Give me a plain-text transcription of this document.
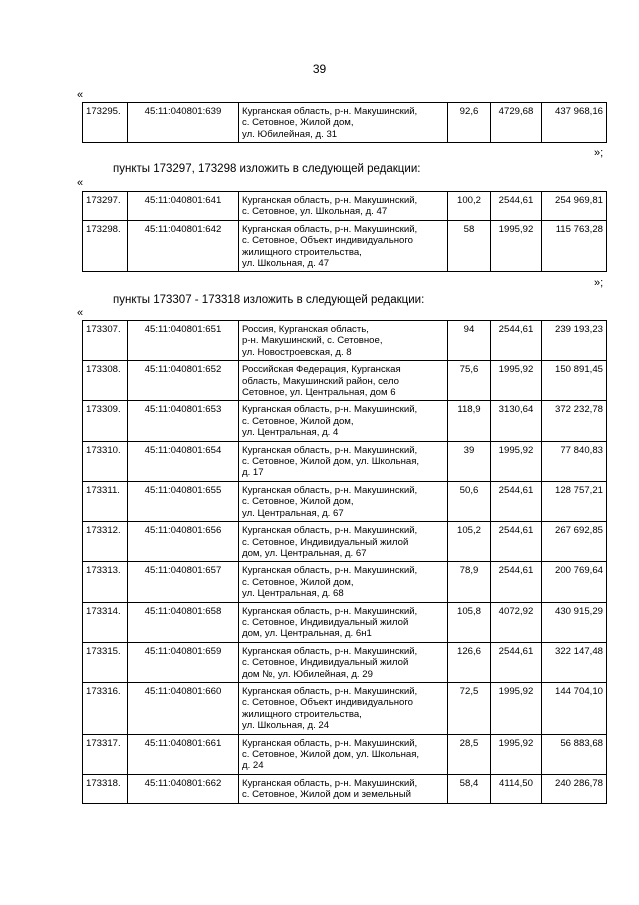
39
«
173295.	45:11:040801:639	Курганская область, р-н. Макушинский,
с. Сетовное, Жилой дом,
ул. Юбилейная, д. 31	92,6	4729,68	437 968,16
»;
пункты 173297, 173298 изложить в следующей редакции:
«
173297.	45:11:040801:641	Курганская область, р-н. Макушинский,
с. Сетовное, ул. Школьная, д. 47	100,2	2544,61	254 969,81
173298.	45:11:040801:642	Курганская область, р-н. Макушинский,
с. Сетовное, Объект индивидуального
жилищного строительства,
ул. Школьная, д. 47	58	1995,92	115 763,28
»;
пункты 173307 - 173318 изложить в следующей редакции:
«
173307.	45:11:040801:651	Россия, Курганская область,
р-н. Макушинский, с. Сетовное,
ул. Новостроевская, д. 8	94	2544,61	239 193,23
173308.	45:11:040801:652	Российская Федерация, Курганская
область, Макушинский район, село
Сетовное, ул. Центральная, дом 6	75,6	1995,92	150 891,45
173309.	45:11:040801:653	Курганская область, р-н. Макушинский,
с. Сетовное, Жилой дом,
ул. Центральная, д. 4	118,9	3130,64	372 232,78
173310.	45:11:040801:654	Курганская область, р-н. Макушинский,
с. Сетовное, Жилой дом, ул. Школьная,
д. 17	39	1995,92	77 840,83
173311.	45:11:040801:655	Курганская область, р-н. Макушинский,
с. Сетовное, Жилой дом,
ул. Центральная, д. 67	50,6	2544,61	128 757,21
173312.	45:11:040801:656	Курганская область, р-н. Макушинский,
с. Сетовное, Индивидуальный жилой
дом, ул. Центральная, д. 67	105,2	2544,61	267 692,85
173313.	45:11:040801:657	Курганская область, р-н. Макушинский,
с. Сетовное, Жилой дом,
ул. Центральная, д. 68	78,9	2544,61	200 769,64
173314.	45:11:040801:658	Курганская область, р-н. Макушинский,
с. Сетовное, Индивидуальный жилой
дом, ул. Центральная, д. 6н1	105,8	4072,92	430 915,29
173315.	45:11:040801:659	Курганская область, р-н. Макушинский,
с. Сетовное, Индивидуальный жилой
дом №, ул. Юбилейная, д. 29	126,6	2544,61	322 147,48
173316.	45:11:040801:660	Курганская область, р-н. Макушинский,
с. Сетовное, Объект индивидуального
жилищного строительства,
ул. Школьная, д. 24	72,5	1995,92	144 704,10
173317.	45:11:040801:661	Курганская область, р-н. Макушинский,
с. Сетовное, Жилой дом, ул. Школьная,
д. 24	28,5	1995,92	56 883,68
173318.	45:11:040801:662	Курганская область, р-н. Макушинский,
с. Сетовное, Жилой дом и земельный	58,4	4114,50	240 286,78
